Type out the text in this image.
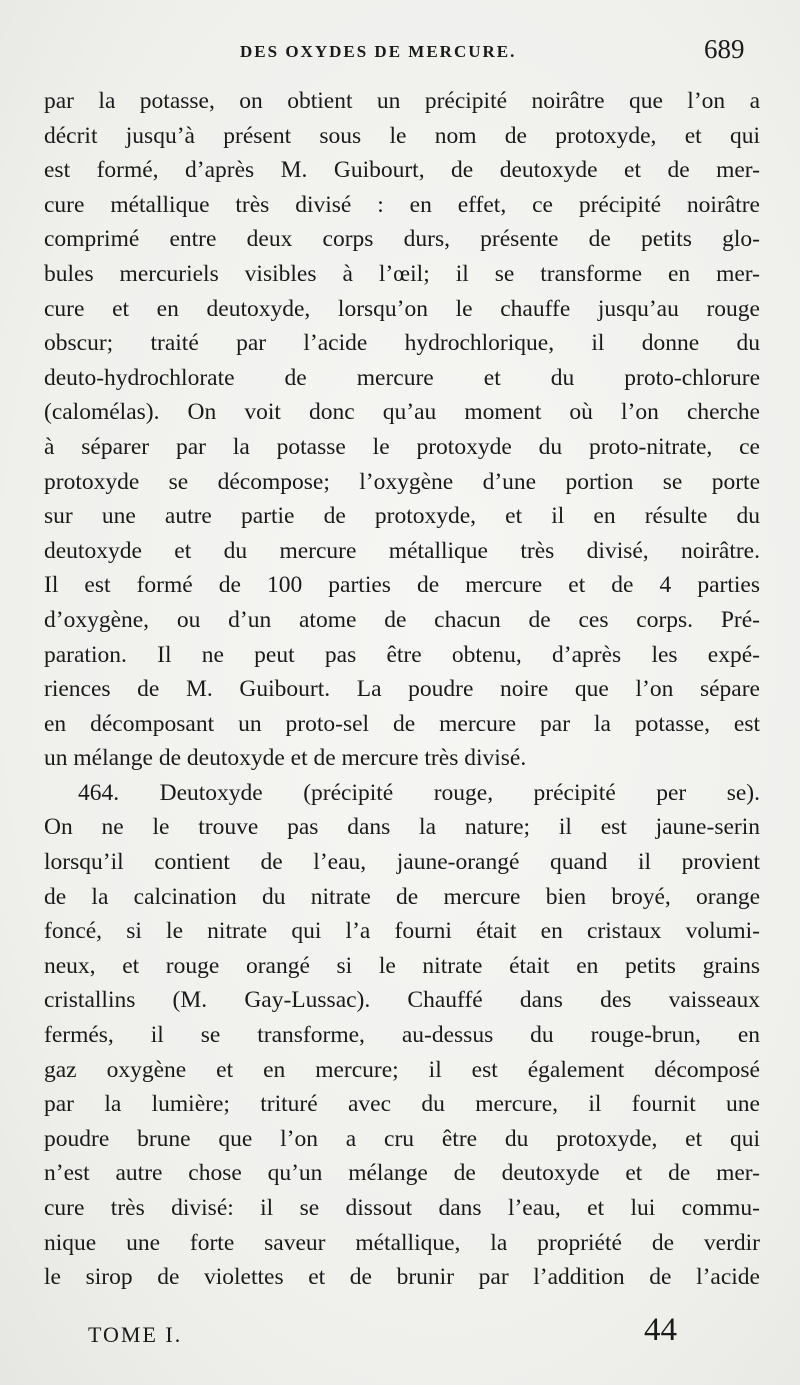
DES OXYDES DE MERCURE.	689
par la potasse, on obtient un précipité noirâtre que l’on a
décrit jusqu’à présent sous le nom de protoxyde, et qui
est formé, d’après M. Guibourt, de deutoxyde et de mer-
cure métallique très divisé : en effet, ce précipité noirâtre
comprimé entre deux corps durs, présente de petits glo-
bules mercuriels visibles à l’œil; il se transforme en mer-
cure et en deutoxyde, lorsqu’on le chauffe jusqu’au rouge
obscur; traité par l’acide hydrochlorique, il donne du
deuto-hydrochlorate de mercure et du proto-chlorure
(calomélas). On voit donc qu’au moment où l’on cherche
à séparer par la potasse le protoxyde du proto-nitrate, ce
protoxyde se décompose; l’oxygène d’une portion se porte
sur une autre partie de protoxyde, et il en résulte du
deutoxyde et du mercure métallique très divisé, noirâtre.
Il est formé de 100 parties de mercure et de 4 parties
d’oxygène, ou d’un atome de chacun de ces corps. Pré-
paration. Il ne peut pas être obtenu, d’après les expé-
riences de M. Guibourt. La poudre noire que l’on sépare
en décomposant un proto-sel de mercure par la potasse, est
un mélange de deutoxyde et de mercure très divisé.
464. Deutoxyde (précipité rouge, précipité per se).
On ne le trouve pas dans la nature; il est jaune-serin
lorsqu’il contient de l’eau, jaune-orangé quand il provient
de la calcination du nitrate de mercure bien broyé, orange
foncé, si le nitrate qui l’a fourni était en cristaux volumi-
neux, et rouge orangé si le nitrate était en petits grains
cristallins (M. Gay-Lussac). Chauffé dans des vaisseaux
fermés, il se transforme, au-dessus du rouge-brun, en
gaz oxygène et en mercure; il est également décomposé
par la lumière; trituré avec du mercure, il fournit une
poudre brune que l’on a cru être du protoxyde, et qui
n’est autre chose qu’un mélange de deutoxyde et de mer-
cure très divisé: il se dissout dans l’eau, et lui commu-
nique une forte saveur métallique, la propriété de verdir
le sirop de violettes et de brunir par l’addition de l’acide
TOME I.	44
